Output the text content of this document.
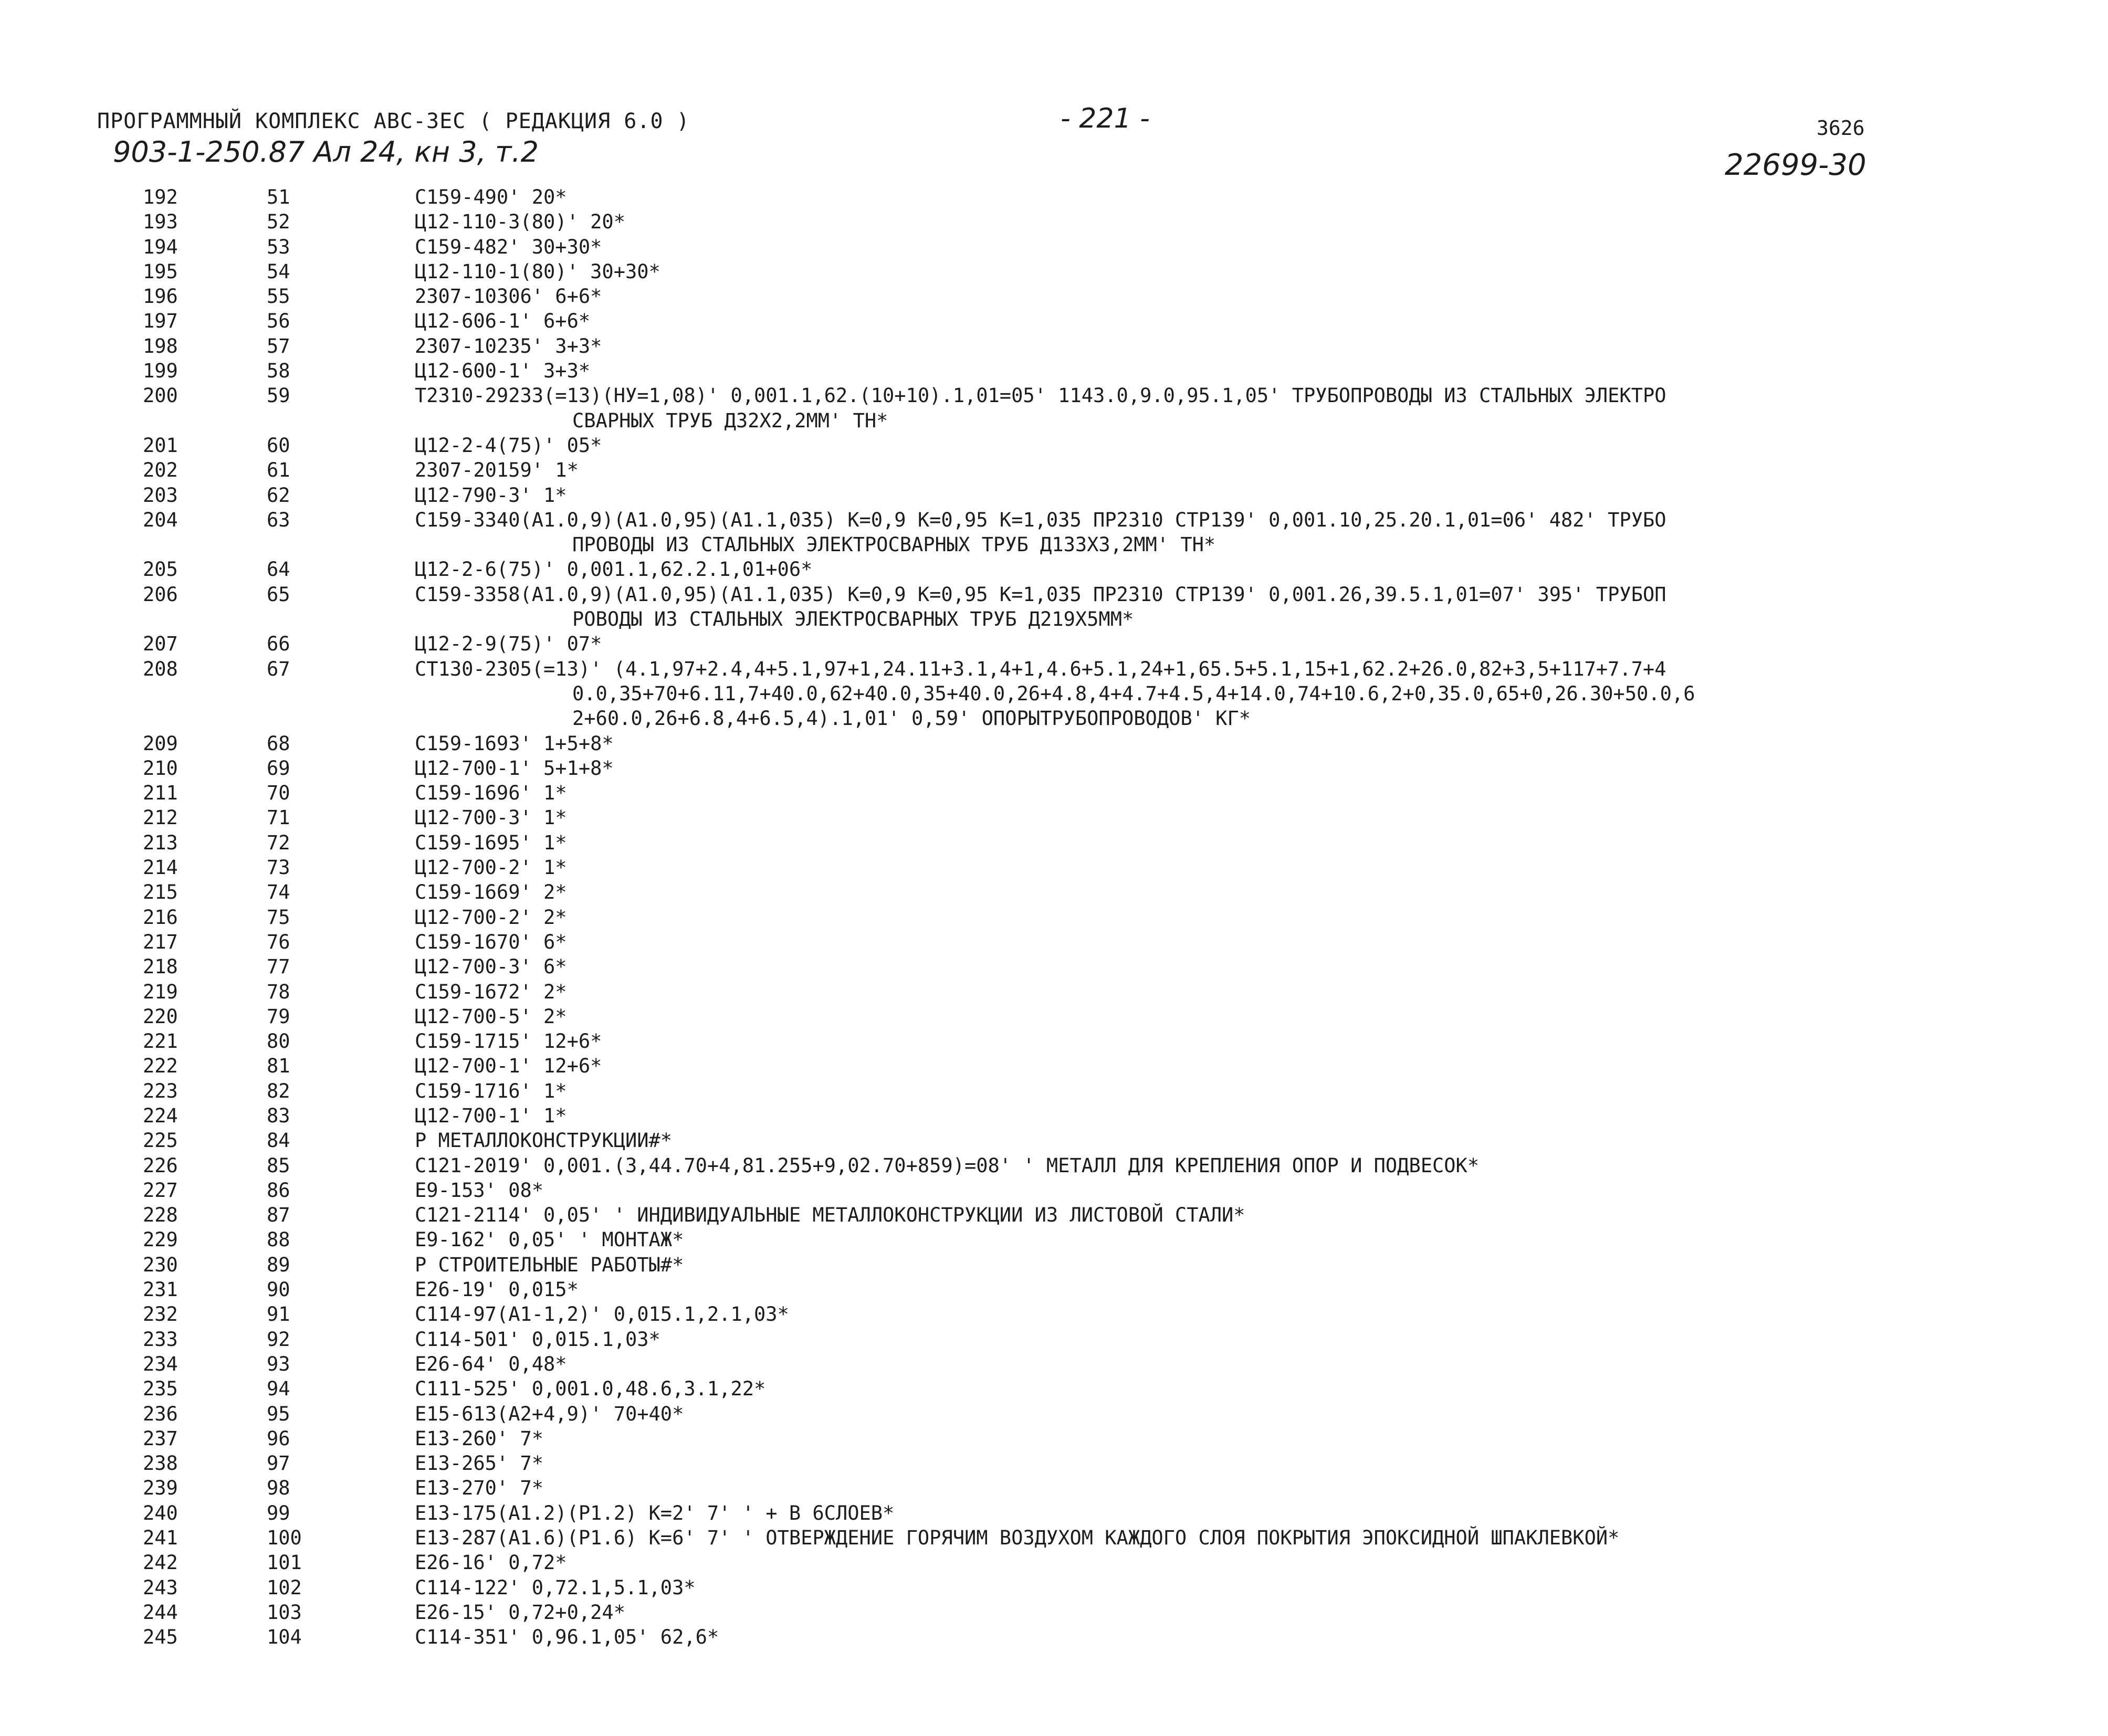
ПРОГРАММНЫЙ КОМПЛЕКС АВС-ЗЕС ( РЕДАКЦИЯ 6.0 )	- 221 -	3626
903-1-250.87 Ал 24, кн 3, т.2	22699-30
192	51	С159-490' 20*
193	52	Ц12-110-3(80)' 20*
194	53	С159-482' 30+30*
195	54	Ц12-110-1(80)' 30+30*
196	55	2307-10306' 6+6*
197	56	Ц12-606-1' 6+6*
198	57	2307-10235' 3+3*
199	58	Ц12-600-1' 3+3*
200	59	Т2310-29233(=13)(НУ=1,08)' 0,001.1,62.(10+10).1,01=05' 1143.0,9.0,95.1,05' ТРУБОПРОВОДЫ ИЗ СТАЛЬНЫХ ЭЛЕКТРО
СВАРНЫХ ТРУБ Д32Х2,2ММ' ТН*
201	60	Ц12-2-4(75)' 05*
202	61	2307-20159' 1*
203	62	Ц12-790-3' 1*
204	63	С159-3340(А1.0,9)(А1.0,95)(А1.1,035) К=0,9 К=0,95 К=1,035 ПР2310 СТР139' 0,001.10,25.20.1,01=06' 482' ТРУБО
ПРОВОДЫ ИЗ СТАЛЬНЫХ ЭЛЕКТРОСВАРНЫХ ТРУБ Д133Х3,2ММ' ТН*
205	64	Ц12-2-6(75)' 0,001.1,62.2.1,01+06*
206	65	С159-3358(А1.0,9)(А1.0,95)(А1.1,035) К=0,9 К=0,95 К=1,035 ПР2310 СТР139' 0,001.26,39.5.1,01=07' 395' ТРУБОП
РОВОДЫ ИЗ СТАЛЬНЫХ ЭЛЕКТРОСВАРНЫХ ТРУБ Д219Х5ММ*
207	66	Ц12-2-9(75)' 07*
208	67	СТ130-2305(=13)' (4.1,97+2.4,4+5.1,97+1,24.11+3.1,4+1,4.6+5.1,24+1,65.5+5.1,15+1,62.2+26.0,82+3,5+117+7.7+4
0.0,35+70+6.11,7+40.0,62+40.0,35+40.0,26+4.8,4+4.7+4.5,4+14.0,74+10.6,2+0,35.0,65+0,26.30+50.0,6
2+60.0,26+6.8,4+6.5,4).1,01' 0,59' ОПОРЫТРУБОПРОВОДОВ' КГ*
209	68	С159-1693' 1+5+8*
210	69	Ц12-700-1' 5+1+8*
211	70	С159-1696' 1*
212	71	Ц12-700-3' 1*
213	72	С159-1695' 1*
214	73	Ц12-700-2' 1*
215	74	С159-1669' 2*
216	75	Ц12-700-2' 2*
217	76	С159-1670' 6*
218	77	Ц12-700-3' 6*
219	78	С159-1672' 2*
220	79	Ц12-700-5' 2*
221	80	С159-1715' 12+6*
222	81	Ц12-700-1' 12+6*
223	82	С159-1716' 1*
224	83	Ц12-700-1' 1*
225	84	Р МЕТАЛЛОКОНСТРУКЦИИ#*
226	85	С121-2019' 0,001.(3,44.70+4,81.255+9,02.70+859)=08' ' МЕТАЛЛ ДЛЯ КРЕПЛЕНИЯ ОПОР И ПОДВЕСОК*
227	86	Е9-153' 08*
228	87	С121-2114' 0,05' ' ИНДИВИДУАЛЬНЫЕ МЕТАЛЛОКОНСТРУКЦИИ ИЗ ЛИСТОВОЙ СТАЛИ*
229	88	Е9-162' 0,05' ' МОНТАЖ*
230	89	Р СТРОИТЕЛЬНЫЕ РАБОТЫ#*
231	90	Е26-19' 0,015*
232	91	С114-97(А1-1,2)' 0,015.1,2.1,03*
233	92	С114-501' 0,015.1,03*
234	93	Е26-64' 0,48*
235	94	С111-525' 0,001.0,48.6,3.1,22*
236	95	Е15-613(А2+4,9)' 70+40*
237	96	Е13-260' 7*
238	97	Е13-265' 7*
239	98	Е13-270' 7*
240	99	Е13-175(А1.2)(Р1.2) К=2' 7' ' + В 6СЛОЕВ*
241	100	Е13-287(А1.6)(Р1.6) К=6' 7' ' ОТВЕРЖДЕНИЕ ГОРЯЧИМ ВОЗДУХОМ КАЖДОГО СЛОЯ ПОКРЫТИЯ ЭПОКСИДНОЙ ШПАКЛЕВКОЙ*
242	101	Е26-16' 0,72*
243	102	С114-122' 0,72.1,5.1,03*
244	103	Е26-15' 0,72+0,24*
245	104	С114-351' 0,96.1,05' 62,6*
